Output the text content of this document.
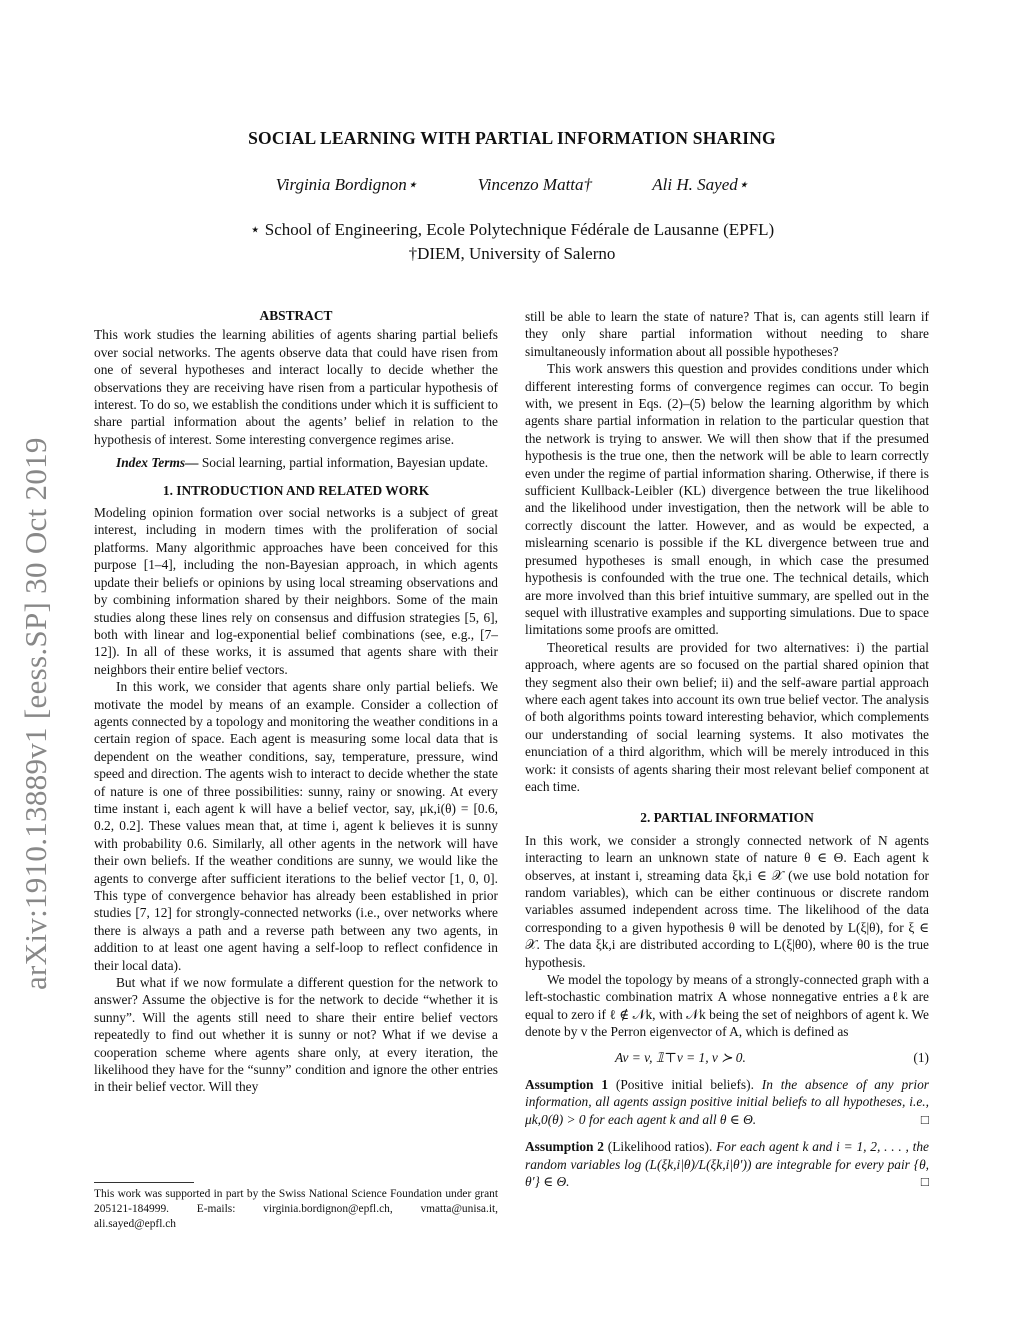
arXiv:1910.13889v1 [eess.SP] 30 Oct 2019
SOCIAL LEARNING WITH PARTIAL INFORMATION SHARING
Virginia Bordignon⋆	Vincenzo Matta†	Ali H. Sayed⋆
⋆ School of Engineering, Ecole Polytechnique Fédérale de Lausanne (EPFL)
†DIEM, University of Salerno
ABSTRACT

This work studies the learning abilities of agents sharing partial beliefs over social networks. The agents observe data that could have risen from one of several hypotheses and interact locally to decide whether the observations they are receiving have risen from a particular hypothesis of interest. To do so, we establish the conditions under which it is sufficient to share partial information about the agents’ belief in relation to the hypothesis of interest. Some interesting convergence regimes arise.

Index Terms— Social learning, partial information, Bayesian update.

1. INTRODUCTION AND RELATED WORK

Modeling opinion formation over social networks is a subject of great interest, including in modern times with the proliferation of social platforms. Many algorithmic approaches have been conceived for this purpose [1–4], including the non-Bayesian approach, in which agents update their beliefs or opinions by using local streaming observations and by combining information shared by their neighbors. Some of the main studies along these lines rely on consensus and diffusion strategies [5, 6], both with linear and log-exponential belief combinations (see, e.g., [7–12]). In all of these works, it is assumed that agents share with their neighbors their entire belief vectors.

In this work, we consider that agents share only partial beliefs. We motivate the model by means of an example. Consider a collection of agents connected by a topology and monitoring the weather conditions in a certain region of space. Each agent is measuring some local data that is dependent on the weather conditions, say, temperature, pressure, wind speed and direction. The agents wish to interact to decide whether the state of nature is one of three possibilities: sunny, rainy or snowing. At every time instant i, each agent k will have a belief vector, say, μk,i(θ) = [0.6, 0.2, 0.2]. These values mean that, at time i, agent k believes it is sunny with probability 0.6. Similarly, all other agents in the network will have their own beliefs. If the weather conditions are sunny, we would like the agents to converge after sufficient iterations to the belief vector [1, 0, 0]. This type of convergence behavior has already been established in prior studies [7, 12] for strongly-connected networks (i.e., over networks where there is always a path and a reverse path between any two agents, in addition to at least one agent having a self-loop to reflect confidence in their local data).

But what if we now formulate a different question for the network to answer? Assume the objective is for the network to decide “whether it is sunny”. Will the agents still need to share their entire belief vectors repeatedly to find out whether it is sunny or not? What if we devise a cooperation scheme where agents share only, at every iteration, the likelihood they have for the “sunny” condition and ignore the other entries in their belief vector. Will they

This work was supported in part by the Swiss National Science Foundation under grant 205121-184999. E-mails: virginia.bordignon@epfl.ch, vmatta@unisa.it, ali.sayed@epfl.ch

still be able to learn the state of nature? That is, can agents still learn if they only share partial information without needing to share simultaneously information about all possible hypotheses?

This work answers this question and provides conditions under which different interesting forms of convergence regimes can occur. To begin with, we present in Eqs. (2)–(5) below the learning algorithm by which agents share partial information in relation to the particular question that the network is trying to answer. We will then show that if the presumed hypothesis is the true one, then the network will be able to learn correctly even under the regime of partial information sharing. Otherwise, if there is sufficient Kullback-Leibler (KL) divergence between the true likelihood and the likelihood under investigation, then the network will be able to correctly discount the latter. However, and as would be expected, a mislearning scenario is possible if the KL divergence between true and presumed hypotheses is small enough, in which case the presumed hypothesis is confounded with the true one. The technical details, which are more involved than this brief intuitive summary, are spelled out in the sequel with illustrative examples and supporting simulations. Due to space limitations some proofs are omitted.

Theoretical results are provided for two alternatives: i) the partial approach, where agents are so focused on the partial shared opinion that they segment also their own belief; ii) and the self-aware partial approach where each agent takes into account its own true belief vector. The analysis of both algorithms points toward interesting behavior, which complements our understanding of social learning systems. It also motivates the enunciation of a third algorithm, which will be merely introduced in this work: it consists of agents sharing their most relevant belief component at each time.

2. PARTIAL INFORMATION

In this work, we consider a strongly connected network of N agents interacting to learn an unknown state of nature θ ∈ Θ. Each agent k observes, at instant i, streaming data ξk,i ∈ 𝒳 (we use bold notation for random variables), which can be either continuous or discrete random variables assumed independent across time. The likelihood of the data corresponding to a given hypothesis θ will be denoted by L(ξ|θ), for ξ ∈ 𝒳. The data ξk,i are distributed according to L(ξ|θ0), where θ0 is the true hypothesis.

We model the topology by means of a strongly-connected graph with a left-stochastic combination matrix A whose nonnegative entries aℓk are equal to zero if ℓ ∉ 𝒩k, with 𝒩k being the set of neighbors of agent k. We denote by v the Perron eigenvector of A, which is defined as

Av = v, 𝟙⊤v = 1, v ≻ 0.	(1)

Assumption 1 (Positive initial beliefs). In the absence of any prior information, all agents assign positive initial beliefs to all hypotheses, i.e., μk,0(θ) > 0 for each agent k and all θ ∈ Θ.	□

Assumption 2 (Likelihood ratios). For each agent k and i = 1, 2, . . . , the random variables log (L(ξk,i|θ)/L(ξk,i|θ′)) are integrable for every pair {θ, θ′} ∈ Θ.	□
